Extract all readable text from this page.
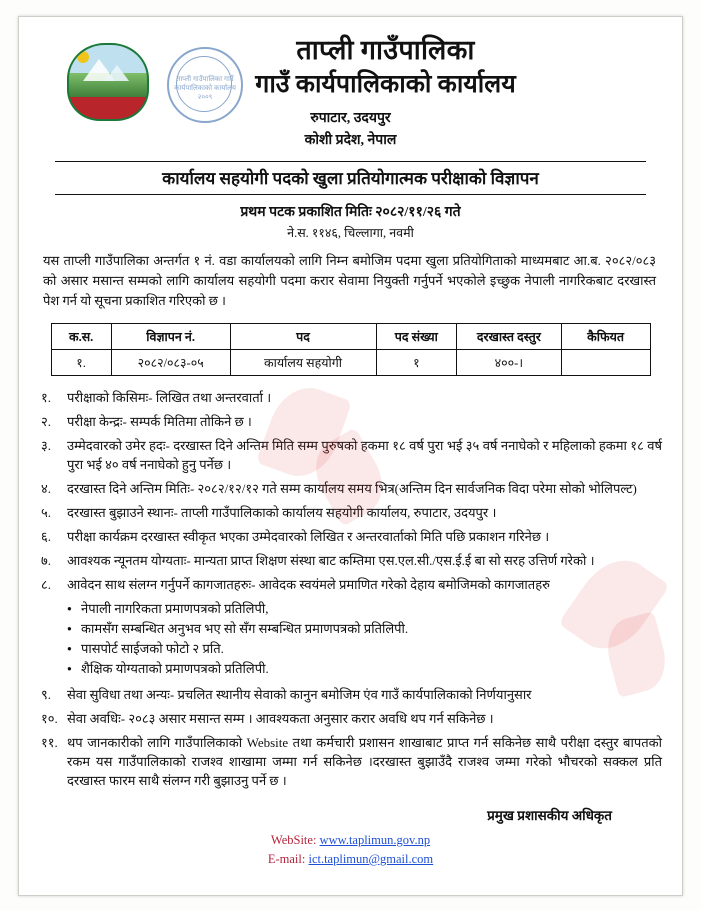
ताप्ली गाउँपालिका गाउँ कार्यपालिकाको कार्यालय २००९
ताप्ली गाउँपालिका
गाउँ कार्यपालिकाको कार्यालय
रुपाटार, उदयपुर
कोशी प्रदेश, नेपाल
कार्यालय सहयोगी पदको खुला प्रतियोगात्मक परीक्षाको विज्ञापन
प्रथम पटक प्रकाशित मितिः २०८२/११/२६ गते
ने.स. ११४६, चिल्लागा, नवमी
यस ताप्ली गाउँपालिका अन्तर्गत १ नं. वडा कार्यालयको लागि निम्न बमोजिम पदमा खुला प्रतियोगिताको माध्यमबाट आ.ब. २०८२/०८३ को असार मसान्त सम्मको लागि कार्यालय सहयोगी पदमा करार सेवामा नियुक्ती गर्नुपर्ने भएकोले इच्छुक नेपाली नागरिकबाट दरखास्त पेश गर्न यो सूचना प्रकाशित गरिएको छ ।
क.स.	विज्ञापन नं.	पद	पद संख्या	दरखास्त दस्तुर	कैफियत
१.	२०८२/०८३-०५	कार्यालय सहयोगी	१	४००-।	
१.	परीक्षाको किसिमः- लिखित तथा अन्तरवार्ता ।
२.	परीक्षा केन्द्रः- सम्पर्क मितिमा तोकिने छ ।
३.	उम्मेदवारको उमेर हदः- दरखास्त दिने अन्तिम मिति सम्म पुरुषको हकमा १८ वर्ष पुरा भई ३५ वर्ष ननाघेको र महिलाको हकमा १८ वर्ष पुरा भई ४० वर्ष ननाघेको हुनु पर्नेछ ।
४.	दरखास्त दिने अन्तिम मितिः- २०८२/१२/१२ गते सम्म कार्यालय समय भित्र(अन्तिम दिन सार्वजनिक विदा परेमा सोको भोलिपल्ट)
५.	दरखास्त बुझाउने स्थानः- ताप्ली गाउँपालिकाको कार्यालय सहयोगी कार्यालय, रुपाटार, उदयपुर ।
६.	परीक्षा कार्यक्रम दरखास्त स्वीकृत भएका उम्मेदवारको लिखित र अन्तरवार्ताको मिति पछि प्रकाशन गरिनेछ ।
७.	आवश्यक न्यूनतम योग्यताः- मान्यता प्राप्त शिक्षण संस्था बाट कम्तिमा एस.एल.सी./एस.ई.ई बा सो सरह उत्तिर्ण गरेको ।
८.	आवेदन साथ संलग्न गर्नुपर्ने कागजातहरुः- आवेदक स्वयंमले प्रमाणित गरेको देहाय बमोजिमको कागजातहरु
● नेपाली नागरिकता प्रमाणपत्रको प्रतिलिपी,
● कामसँग सम्बन्धित अनुभव भए सो सँग सम्बन्धित प्रमाणपत्रको प्रतिलिपी.
● पासपोर्ट साईजको फोटो २ प्रति.
● शैक्षिक योग्यताको प्रमाणपत्रको प्रतिलिपी.
९.	सेवा सुविधा तथा अन्यः- प्रचलित स्थानीय सेवाको कानुन बमोजिम एंव गाउँ कार्यपालिकाको निर्णयानुसार
१०. सेवा अवधिः- २०८३ असार मसान्त सम्म । आवश्यकता अनुसार करार अवधि थप गर्न सकिनेछ ।
११. थप जानकारीको लागि गाउँपालिकाको Website तथा कर्मचारी प्रशासन शाखाबाट प्राप्त गर्न सकिनेछ साथै परीक्षा दस्तुर बापतको रकम यस गाउँपालिकाको राजश्व शाखामा जम्मा गर्न सकिनेछ ।दरखास्त बुझाउँदै राजश्व जम्मा गरेको भौचरको सक्कल प्रति दरखास्त फारम साथै संलग्न गरी बुझाउनु पर्ने छ ।
प्रमुख प्रशासकीय अधिकृत
WebSite: www.taplimun.gov.np
E-mail: ict.taplimun@gmail.com
